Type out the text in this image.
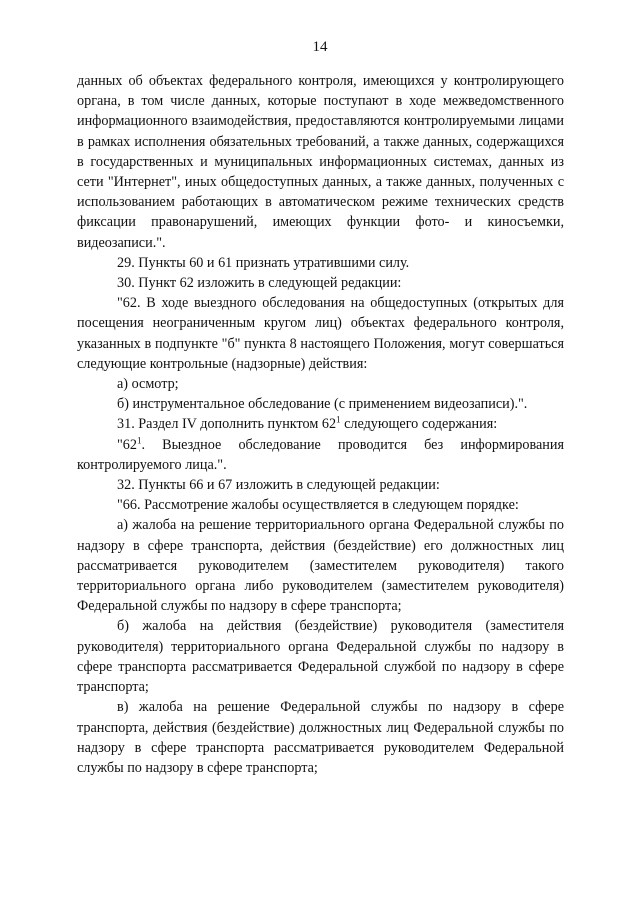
14

данных об объектах федерального контроля, имеющихся у контролирующего органа, в том числе данных, которые поступают в ходе межведомственного информационного взаимодействия, предоставляются контролируемыми лицами в рамках исполнения обязательных требований, а также данных, содержащихся в государственных и муниципальных информационных системах, данных из сети "Интернет", иных общедоступных данных, а также данных, полученных с использованием работающих в автоматическом режиме технических средств фиксации правонарушений, имеющих функции фото- и киносъемки, видеозаписи.".

29. Пункты 60 и 61 признать утратившими силу.

30. Пункт 62 изложить в следующей редакции:

"62. В ходе выездного обследования на общедоступных (открытых для посещения неограниченным кругом лиц) объектах федерального контроля, указанных в подпункте "б" пункта 8 настоящего Положения, могут совершаться следующие контрольные (надзорные) действия:

а) осмотр;

б) инструментальное обследование (с применением видеозаписи).".

31. Раздел IV дополнить пунктом $62^1$ следующего содержания:

"$62^1$. Выездное обследование проводится без информирования контролируемого лица.".

32. Пункты 66 и 67 изложить в следующей редакции:

"66. Рассмотрение жалобы осуществляется в следующем порядке:

а) жалоба на решение территориального органа Федеральной службы по надзору в сфере транспорта, действия (бездействие) его должностных лиц рассматривается руководителем (заместителем руководителя) такого территориального органа либо руководителем (заместителем руководителя) Федеральной службы по надзору в сфере транспорта;

б) жалоба на действия (бездействие) руководителя (заместителя руководителя) территориального органа Федеральной службы по надзору в сфере транспорта рассматривается Федеральной службой по надзору в сфере транспорта;

в) жалоба на решение Федеральной службы по надзору в сфере транспорта, действия (бездействие) должностных лиц Федеральной службы по надзору в сфере транспорта рассматривается руководителем Федеральной службы по надзору в сфере транспорта;
